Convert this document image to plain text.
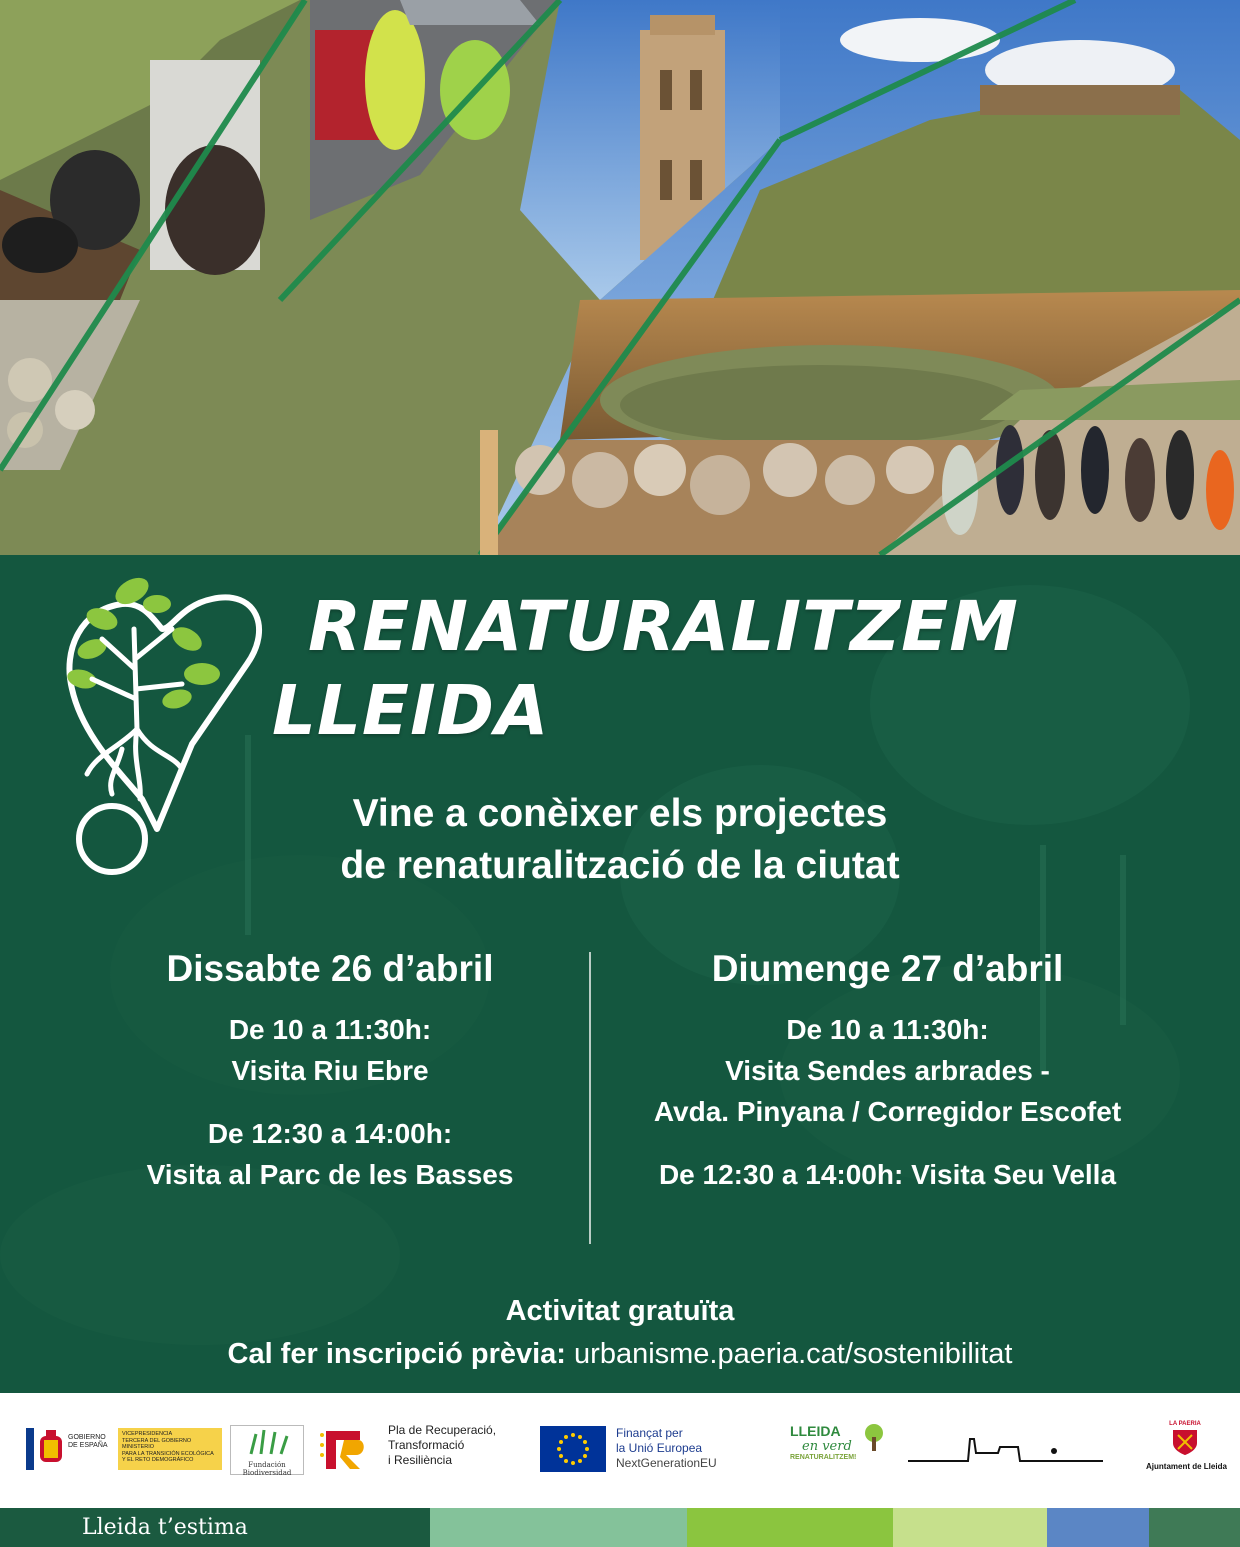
RENATURALITZEM
LLEIDA
Vine a conèixer els projectes
de renaturalització de la ciutat
Dissabte 26 d’abril
De 10 a 11:30h:
Visita Riu Ebre
De 12:30 a 14:00h:
Visita al Parc de les Basses
Diumenge 27 d’abril
De 10 a 11:30h:
Visita Sendes arbrades -
Avda. Pinyana / Corregidor Escofet
De 12:30 a 14:00h: Visita Seu Vella
Activitat gratuïta
Cal fer inscripció prèvia: urbanisme.paeria.cat/sostenibilitat
GOBIERNO
DE ESPAÑA
VICEPRESIDENCIA
TERCERA DEL GOBIERNO
MINISTERIO
PARA LA TRANSICIÓN ECOLÓGICA
Y EL RETO DEMOGRÁFICO
Fundación Biodiversidad
Pla de Recuperació,
Transformació
i Resiliència
Finançat per
la Unió Europea
NextGenerationEU
LLEIDA
en verd
RENATURALITZEM!
LA PAERIA
Ajuntament de Lleida
Lleida t’estima
